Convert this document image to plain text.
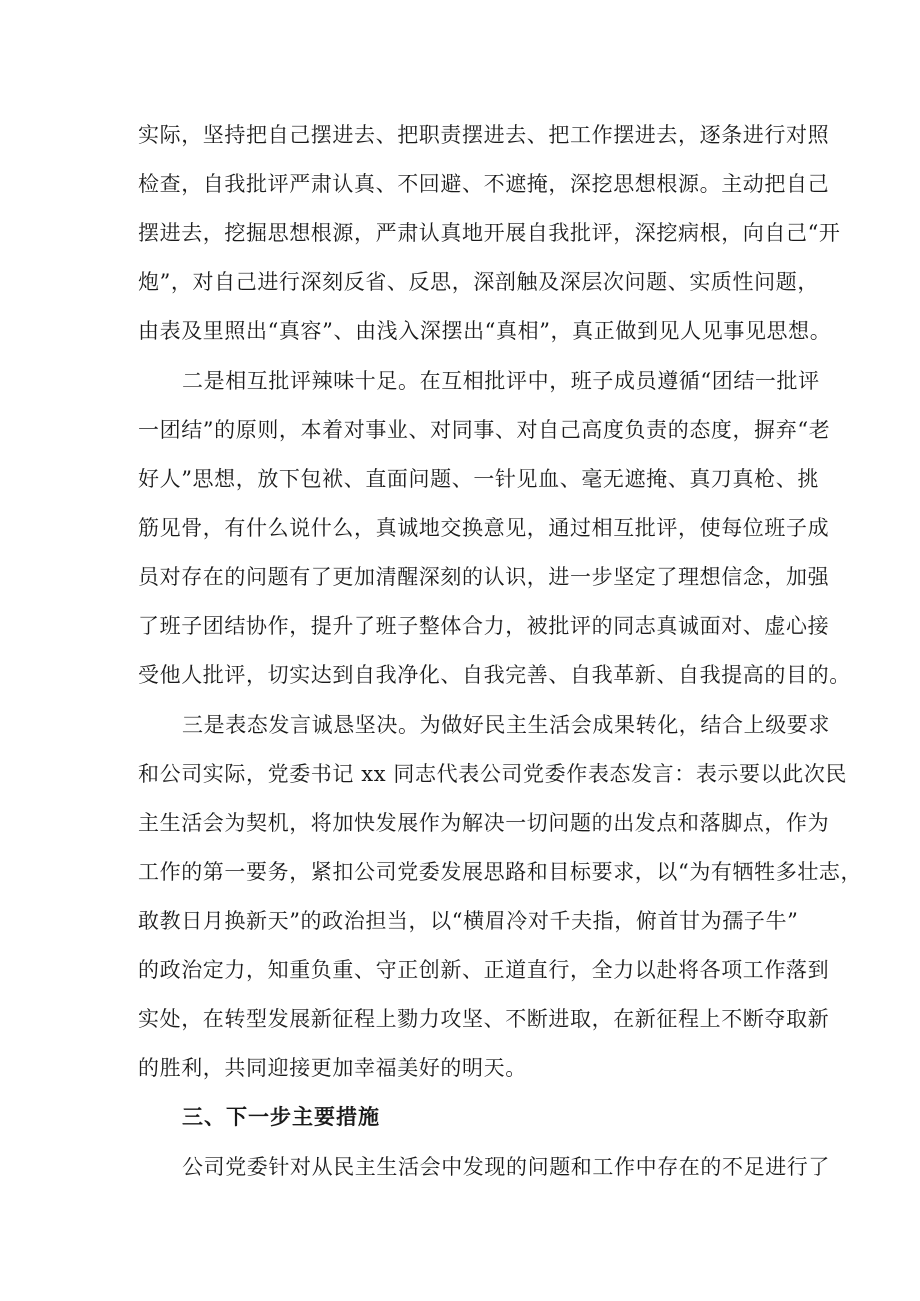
实际，坚持把自己摆进去、把职责摆进去、把工作摆进去，逐条进行对照
检查，自我批评严肃认真、不回避、不遮掩，深挖思想根源。主动把自己
摆进去，挖掘思想根源，严肃认真地开展自我批评，深挖病根，向自己“开
炮”，对自己进行深刻反省、反思，深剖触及深层次问题、实质性问题，
由表及里照出“真容”、由浅入深摆出“真相”，真正做到见人见事见思想。
二是相互批评辣味十足。在互相批评中，班子成员遵循“团结一批评
一团结”的原则，本着对事业、对同事、对自己高度负责的态度，摒弃“老
好人”思想，放下包袱、直面问题、一针见血、毫无遮掩、真刀真枪、挑
筋见骨，有什么说什么，真诚地交换意见，通过相互批评，使每位班子成
员对存在的问题有了更加清醒深刻的认识，进一步坚定了理想信念，加强
了班子团结协作，提升了班子整体合力，被批评的同志真诚面对、虚心接
受他人批评，切实达到自我净化、自我完善、自我革新、自我提高的目的。
三是表态发言诚恳坚决。为做好民主生活会成果转化，结合上级要求
和公司实际，党委书记 xx 同志代表公司党委作表态发言：表示要以此次民
主生活会为契机，将加快发展作为解决一切问题的出发点和落脚点，作为
工作的第一要务，紧扣公司党委发展思路和目标要求，以“为有牺牲多壮志，
敢教日月换新天”的政治担当，以“横眉冷对千夫指，俯首甘为孺子牛”
的政治定力，知重负重、守正创新、正道直行，全力以赴将各项工作落到
实处，在转型发展新征程上勠力攻坚、不断进取，在新征程上不断夺取新
的胜利，共同迎接更加幸福美好的明天。
三、下一步主要措施
公司党委针对从民主生活会中发现的问题和工作中存在的不足进行了
